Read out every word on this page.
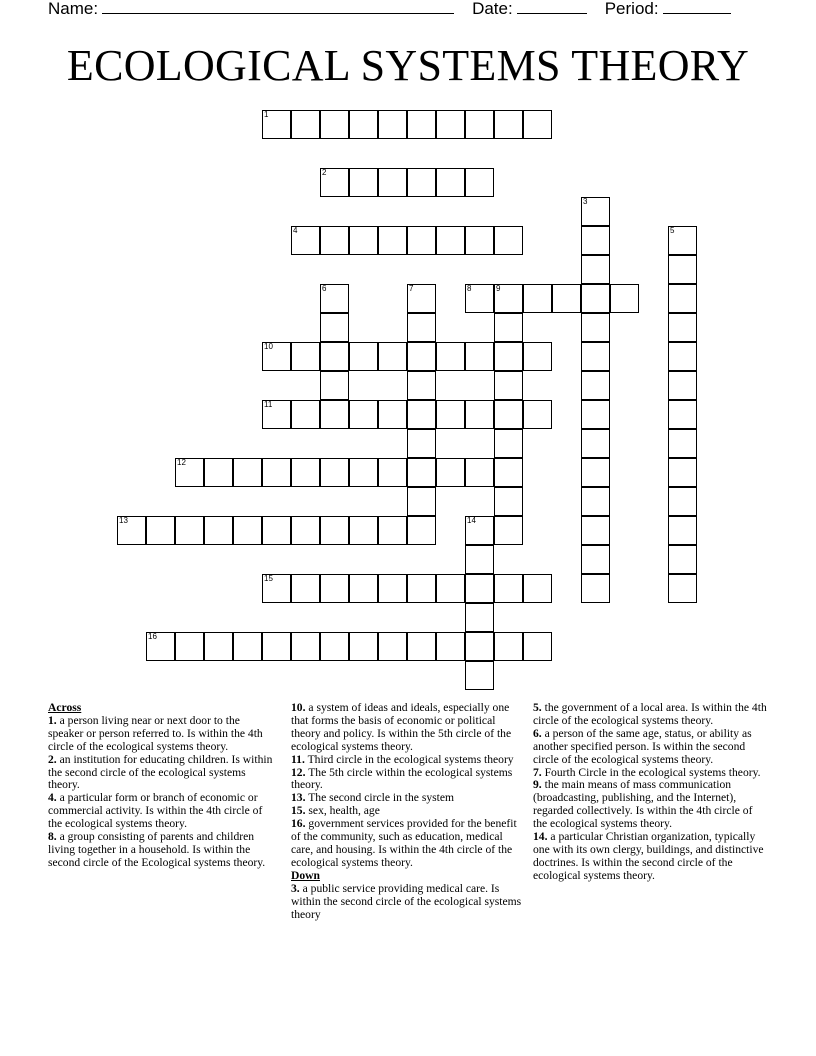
Name:	Date:	Period:
ECOLOGICAL SYSTEMS THEORY
1
2
3
4	5
6	7	8	9
10
11
12
13	14
15
16
Across

1. a person living near or next door to the speaker or person referred to. Is within the 4th circle of the ecological systems theory.

2. an institution for educating children. Is within the second circle of the ecological systems theory.

4. a particular form or branch of economic or commercial activity. Is within the 4th circle of the ecological systems theory.

8. a group consisting of parents and children living together in a household. Is within the second circle of the Ecological systems theory.

10. a system of ideas and ideals, especially one that forms the basis of economic or political theory and policy. Is within the 5th circle of the ecological systems theory.

11. Third circle in the ecological systems theory

12. The 5th circle within the ecological systems theory.

13. The second circle in the system

15. sex, health, age

16. government services provided for the benefit of the community, such as education, medical care, and housing. Is within the 4th circle of the ecological systems theory.

Down

3. a public service providing medical care. Is within the second circle of the ecological systems theory

5. the government of a local area. Is within the 4th circle of the ecological systems theory.

6. a person of the same age, status, or ability as another specified person. Is within the second circle of the ecological systems theory.

7. Fourth Circle in the ecological systems theory.

9. the main means of mass communication (broadcasting, publishing, and the Internet), regarded collectively. Is within the 4th circle of the ecological systems theory.

14. a particular Christian organization, typically one with its own clergy, buildings, and distinctive doctrines. Is within the second circle of the ecological systems theory.
